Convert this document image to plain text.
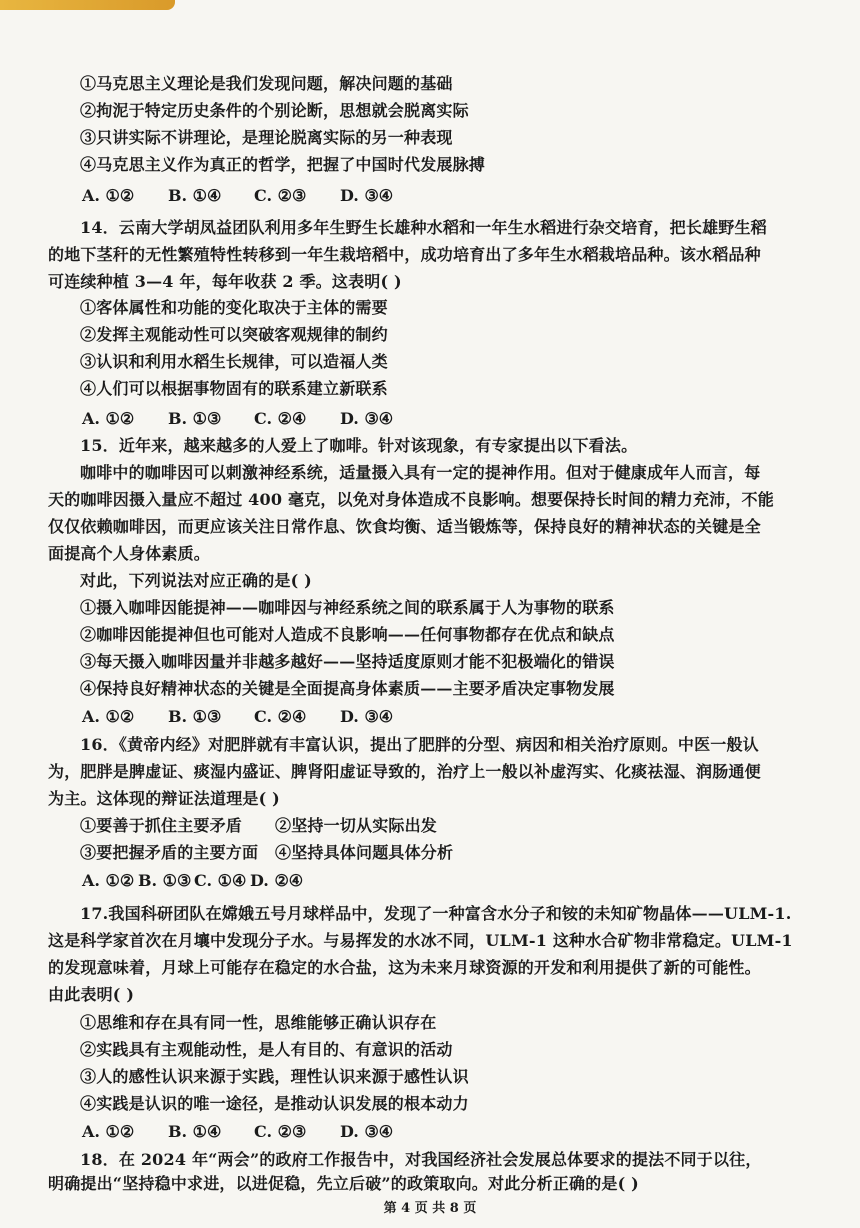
①马克思主义理论是我们发现问题，解决问题的基础
②拘泥于特定历史条件的个别论断，思想就会脱离实际
③只讲实际不讲理论，是理论脱离实际的另一种表现
④马克思主义作为真正的哲学，把握了中国时代发展脉搏
A. ①② B. ①④ C. ②③ D. ③④
14．云南大学胡凤益团队利用多年生野生长雄种水稻和一年生水稻进行杂交培育，把长雄野生稻
的地下茎秆的无性繁殖特性转移到一年生栽培稻中，成功培育出了多年生水稻栽培品种。该水稻品种
可连续种植 3—4 年，每年收获 2 季。这表明( )
①客体属性和功能的变化取决于主体的需要
②发挥主观能动性可以突破客观规律的制约
③认识和利用水稻生长规律，可以造福人类
④人们可以根据事物固有的联系建立新联系
A. ①② B. ①③ C. ②④ D. ③④
15．近年来，越来越多的人爱上了咖啡。针对该现象，有专家提出以下看法。
咖啡中的咖啡因可以刺激神经系统，适量摄入具有一定的提神作用。但对于健康成年人而言，每
天的咖啡因摄入量应不超过 400 毫克，以免对身体造成不良影响。想要保持长时间的精力充沛，不能
仅仅依赖咖啡因，而更应该关注日常作息、饮食均衡、适当锻炼等，保持良好的精神状态的关键是全
面提高个人身体素质。
对此，下列说法对应正确的是( )
①摄入咖啡因能提神——咖啡因与神经系统之间的联系属于人为事物的联系
②咖啡因能提神但也可能对人造成不良影响——任何事物都存在优点和缺点
③每天摄入咖啡因量并非越多越好——坚持适度原则才能不犯极端化的错误
④保持良好精神状态的关键是全面提高身体素质——主要矛盾决定事物发展
A. ①② B. ①③ C. ②④ D. ③④
16．《黄帝内经》对肥胖就有丰富认识，提出了肥胖的分型、病因和相关治疗原则。中医一般认
为，肥胖是脾虚证、痰湿内盛证、脾肾阳虚证导致的，治疗上一般以补虚泻实、化痰祛湿、润肠通便
为主。这体现的辩证法道理是( )
①要善于抓住主要矛盾 ②坚持一切从实际出发
③要把握矛盾的主要方面 ④坚持具体问题具体分析
A. ①② B. ①③ C. ①④ D. ②④
17.我国科研团队在嫦娥五号月球样品中，发现了一种富含水分子和铵的未知矿物晶体——ULM-1.
这是科学家首次在月壤中发现分子水。与易挥发的水冰不同，ULM-1 这种水合矿物非常稳定。ULM-1
的发现意味着，月球上可能存在稳定的水合盐，这为未来月球资源的开发和利用提供了新的可能性。
由此表明( )
①思维和存在具有同一性，思维能够正确认识存在
②实践具有主观能动性，是人有目的、有意识的活动
③人的感性认识来源于实践，理性认识来源于感性认识
④实践是认识的唯一途径，是推动认识发展的根本动力
A. ①② B. ①④ C. ②③ D. ③④
18．在 2024 年“两会”的政府工作报告中，对我国经济社会发展总体要求的提法不同于以往，
明确提出“坚持稳中求进，以进促稳，先立后破”的政策取向。对此分析正确的是( )
第 4 页 共 8 页
